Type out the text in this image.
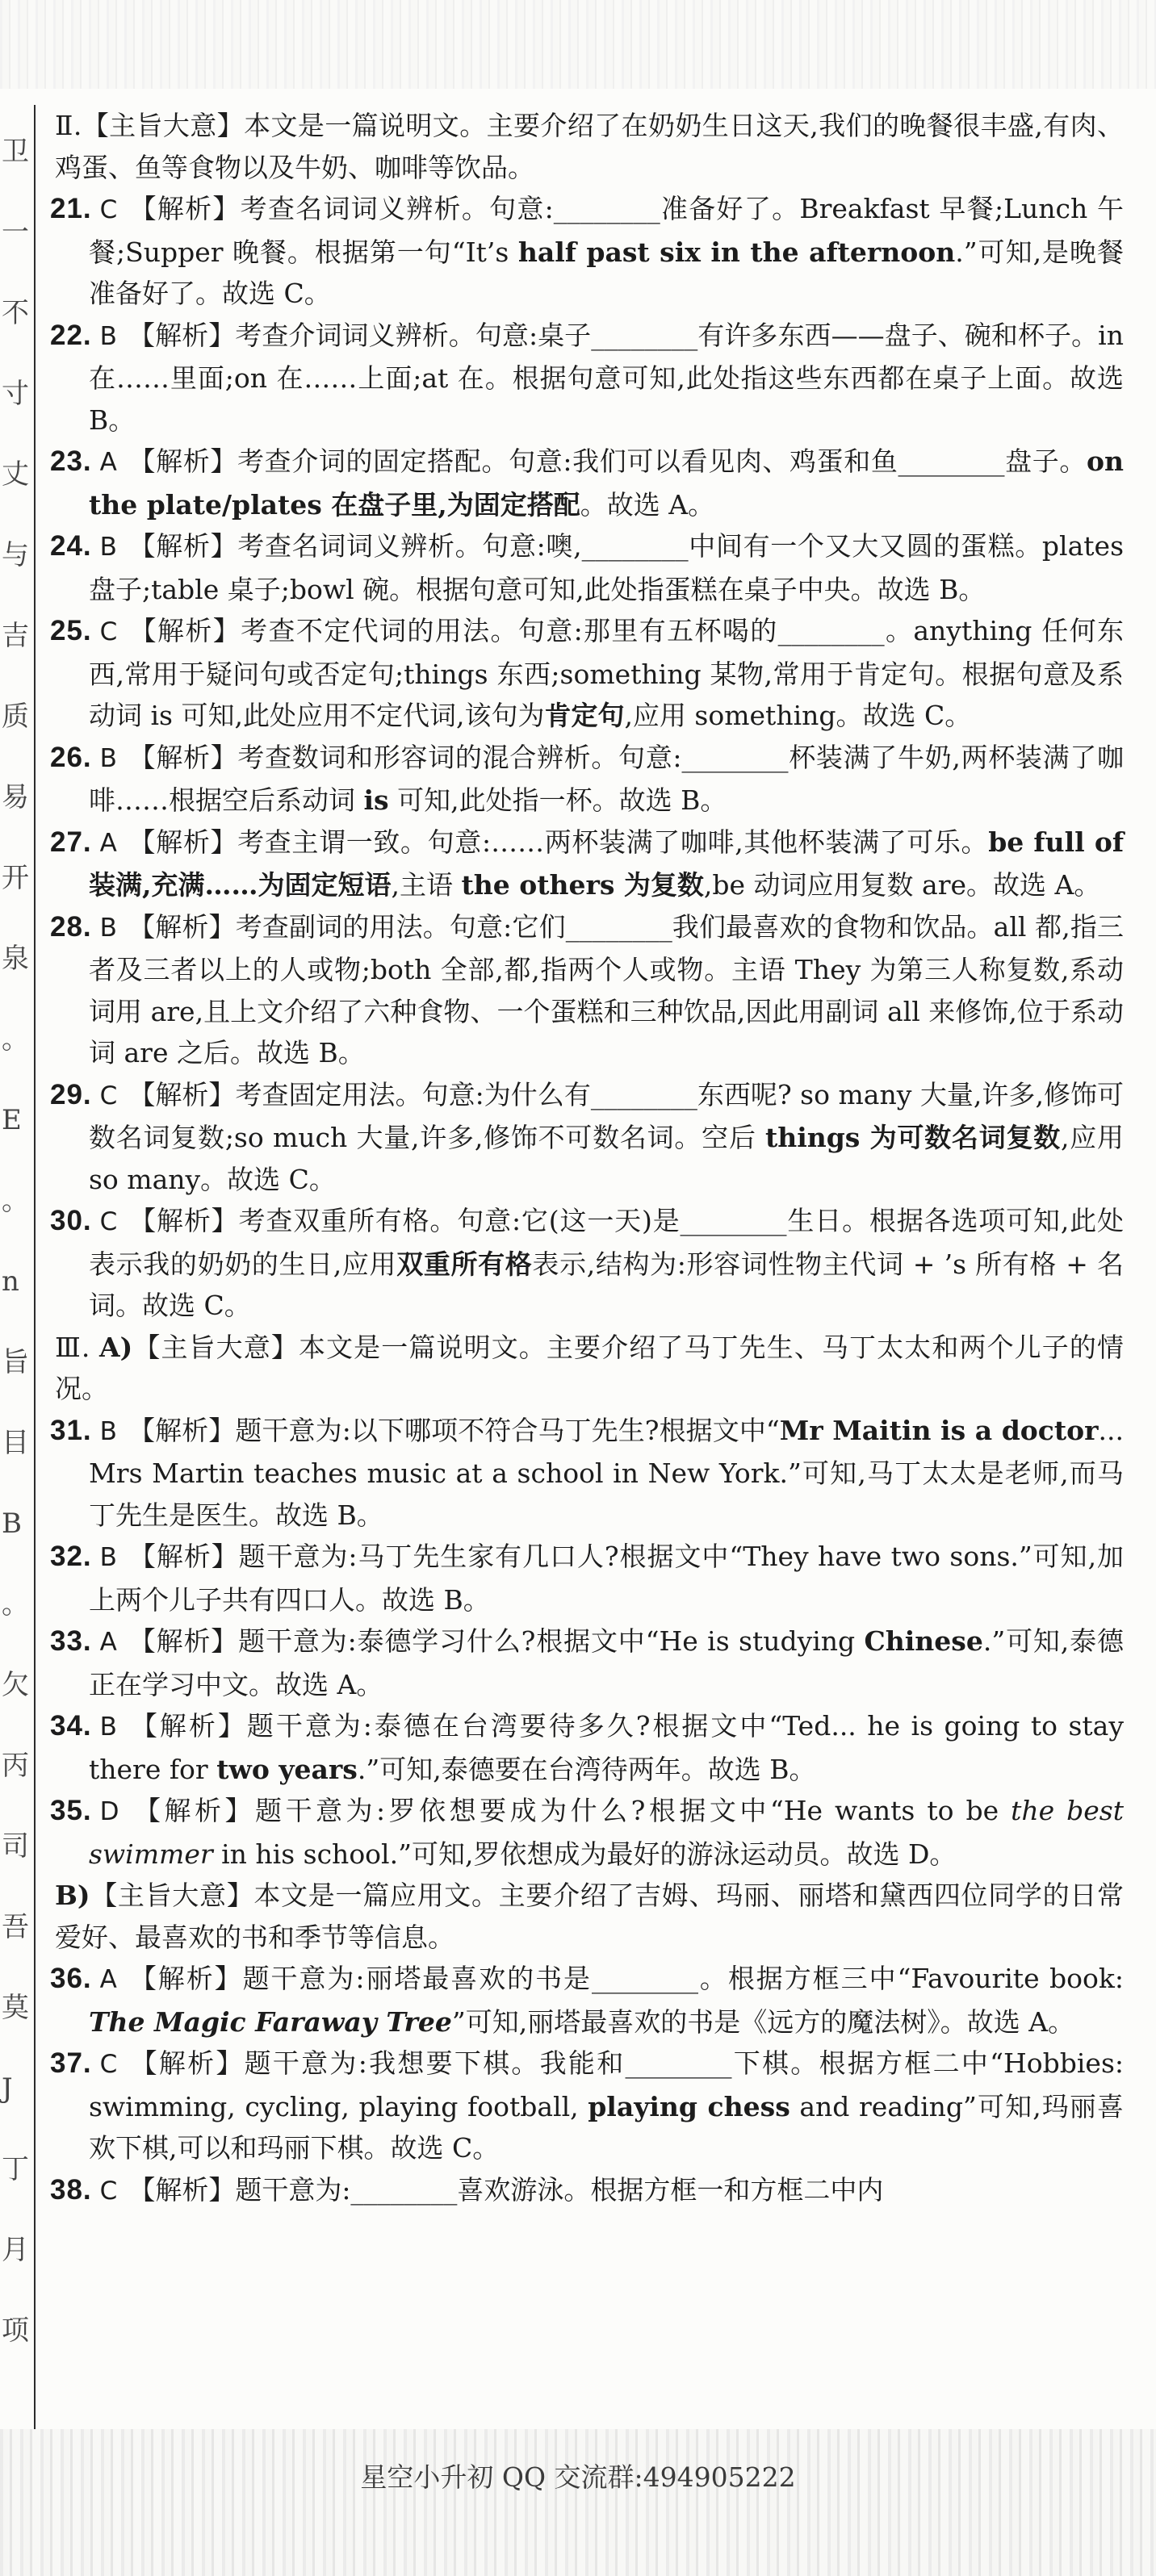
卫
一
不
寸
丈
与
吉
质
易
开
泉
。
E
。
n
旨
目
B
。
欠
丙
司
吾
莫
J
丁
月
项

Ⅱ.【主旨大意】本文是一篇说明文。主要介绍了在奶奶生日这天,我们的晚餐很丰盛,有肉、鸡蛋、鱼等食物以及牛奶、咖啡等饮品。

21. C 【解析】考查名词词义辨析。句意:________准备好了。Breakfast 早餐;Lunch 午餐;Supper 晚餐。根据第一句“It’s half past six in the afternoon.”可知,是晚餐准备好了。故选 C。

22. B 【解析】考查介词词义辨析。句意:桌子________有许多东西——盘子、碗和杯子。in 在……里面;on 在……上面;at 在。根据句意可知,此处指这些东西都在桌子上面。故选 B。

23. A 【解析】考查介词的固定搭配。句意:我们可以看见肉、鸡蛋和鱼________盘子。on the plate/plates 在盘子里,为固定搭配。故选 A。

24. B 【解析】考查名词词义辨析。句意:噢,________中间有一个又大又圆的蛋糕。plates 盘子;table 桌子;bowl 碗。根据句意可知,此处指蛋糕在桌子中央。故选 B。

25. C 【解析】考查不定代词的用法。句意:那里有五杯喝的________。anything 任何东西,常用于疑问句或否定句;things 东西;something 某物,常用于肯定句。根据句意及系动词 is 可知,此处应用不定代词,该句为肯定句,应用 something。故选 C。

26. B 【解析】考查数词和形容词的混合辨析。句意:________杯装满了牛奶,两杯装满了咖啡……根据空后系动词 is 可知,此处指一杯。故选 B。

27. A 【解析】考查主谓一致。句意:……两杯装满了咖啡,其他杯装满了可乐。be full of 装满,充满……为固定短语,主语 the others 为复数,be 动词应用复数 are。故选 A。

28. B 【解析】考查副词的用法。句意:它们________我们最喜欢的食物和饮品。all 都,指三者及三者以上的人或物;both 全部,都,指两个人或物。主语 They 为第三人称复数,系动词用 are,且上文介绍了六种食物、一个蛋糕和三种饮品,因此用副词 all 来修饰,位于系动词 are 之后。故选 B。

29. C 【解析】考查固定用法。句意:为什么有________东西呢? so many 大量,许多,修饰可数名词复数;so much 大量,许多,修饰不可数名词。空后 things 为可数名词复数,应用 so many。故选 C。

30. C 【解析】考查双重所有格。句意:它(这一天)是________生日。根据各选项可知,此处表示我的奶奶的生日,应用双重所有格表示,结构为:形容词性物主代词 + ’s 所有格 + 名词。故选 C。

Ⅲ. A)【主旨大意】本文是一篇说明文。主要介绍了马丁先生、马丁太太和两个儿子的情况。

31. B 【解析】题干意为:以下哪项不符合马丁先生?根据文中“Mr Maitin is a doctor... Mrs Martin teaches music at a school in New York.”可知,马丁太太是老师,而马丁先生是医生。故选 B。

32. B 【解析】题干意为:马丁先生家有几口人?根据文中“They have two sons.”可知,加上两个儿子共有四口人。故选 B。

33. A 【解析】题干意为:泰德学习什么?根据文中“He is studying Chinese.”可知,泰德正在学习中文。故选 A。

34. B 【解析】题干意为:泰德在台湾要待多久?根据文中“Ted... he is going to stay there for two years.”可知,泰德要在台湾待两年。故选 B。

35. D 【解析】题干意为:罗依想要成为什么?根据文中“He wants to be the best swimmer in his school.”可知,罗依想成为最好的游泳运动员。故选 D。

B)【主旨大意】本文是一篇应用文。主要介绍了吉姆、玛丽、丽塔和黛西四位同学的日常爱好、最喜欢的书和季节等信息。

36. A 【解析】题干意为:丽塔最喜欢的书是________。根据方框三中“Favourite book: The Magic Faraway Tree”可知,丽塔最喜欢的书是《远方的魔法树》。故选 A。

37. C 【解析】题干意为:我想要下棋。我能和________下棋。根据方框二中“Hobbies: swimming, cycling, playing football, playing chess and reading”可知,玛丽喜欢下棋,可以和玛丽下棋。故选 C。

38. C 【解析】题干意为:________喜欢游泳。根据方框一和方框二中内

星空小升初 QQ 交流群:494905222
